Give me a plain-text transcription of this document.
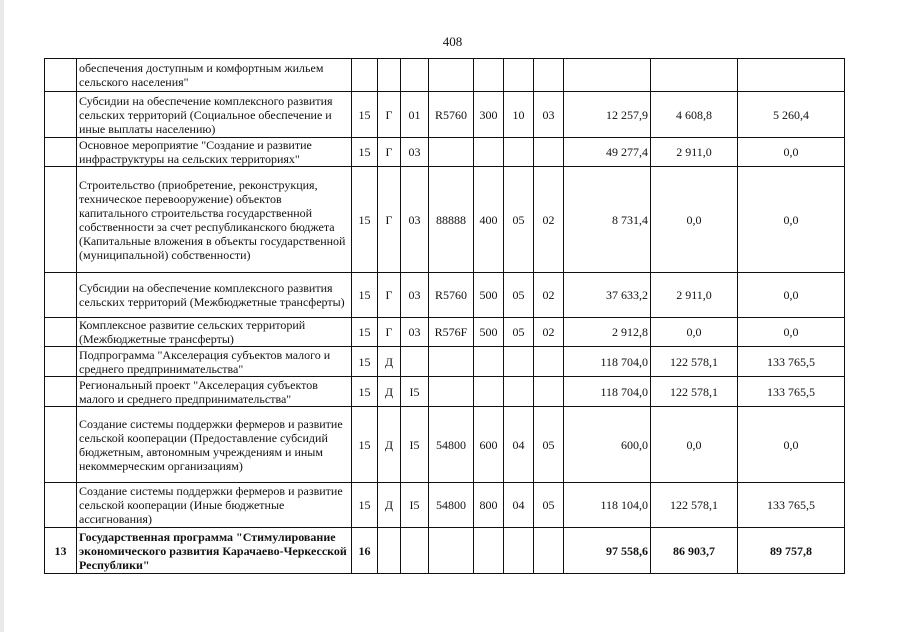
408
	обеспечения доступным и комфортным жильем сельского населения"										
	Субсидии на обеспечение комплексного развития сельских территорий (Социальное обеспечение и иные выплаты населению)	15	Г	01	R5760	300	10	03	12 257,9	4 608,8	5 260,4
	Основное мероприятие "Создание и развитие инфраструктуры на сельских территориях"	15	Г	03					49 277,4	2 911,0	0,0
	Строительство (приобретение, реконструкция, техническое перевооружение) объектов капитального строительства государственной собственности за счет республиканского бюджета (Капитальные вложения в объекты государственной (муниципальной) собственности)	15	Г	03	88888	400	05	02	8 731,4	0,0	0,0
	Субсидии на обеспечение комплексного развития сельских территорий (Межбюджетные трансферты)	15	Г	03	R5760	500	05	02	37 633,2	2 911,0	0,0
	Комплексное развитие сельских территорий (Межбюджетные трансферты)	15	Г	03	R576F	500	05	02	2 912,8	0,0	0,0
	Подпрограмма "Акселерация субъектов малого и среднего предпринимательства"	15	Д						118 704,0	122 578,1	133 765,5
	Региональный проект "Акселерация субъектов малого и среднего предпринимательства"	15	Д	I5					118 704,0	122 578,1	133 765,5
	Создание системы поддержки фермеров и развитие сельской кооперации (Предоставление субсидий бюджетным, автономным учреждениям и иным некоммерческим организациям)	15	Д	I5	54800	600	04	05	600,0	0,0	0,0
	Создание системы поддержки фермеров и развитие сельской кооперации (Иные бюджетные ассигнования)	15	Д	I5	54800	800	04	05	118 104,0	122 578,1	133 765,5
13	Государственная программа "Стимулирование экономического развития Карачаево-Черкесской Республики"	16							97 558,6	86 903,7	89 757,8
